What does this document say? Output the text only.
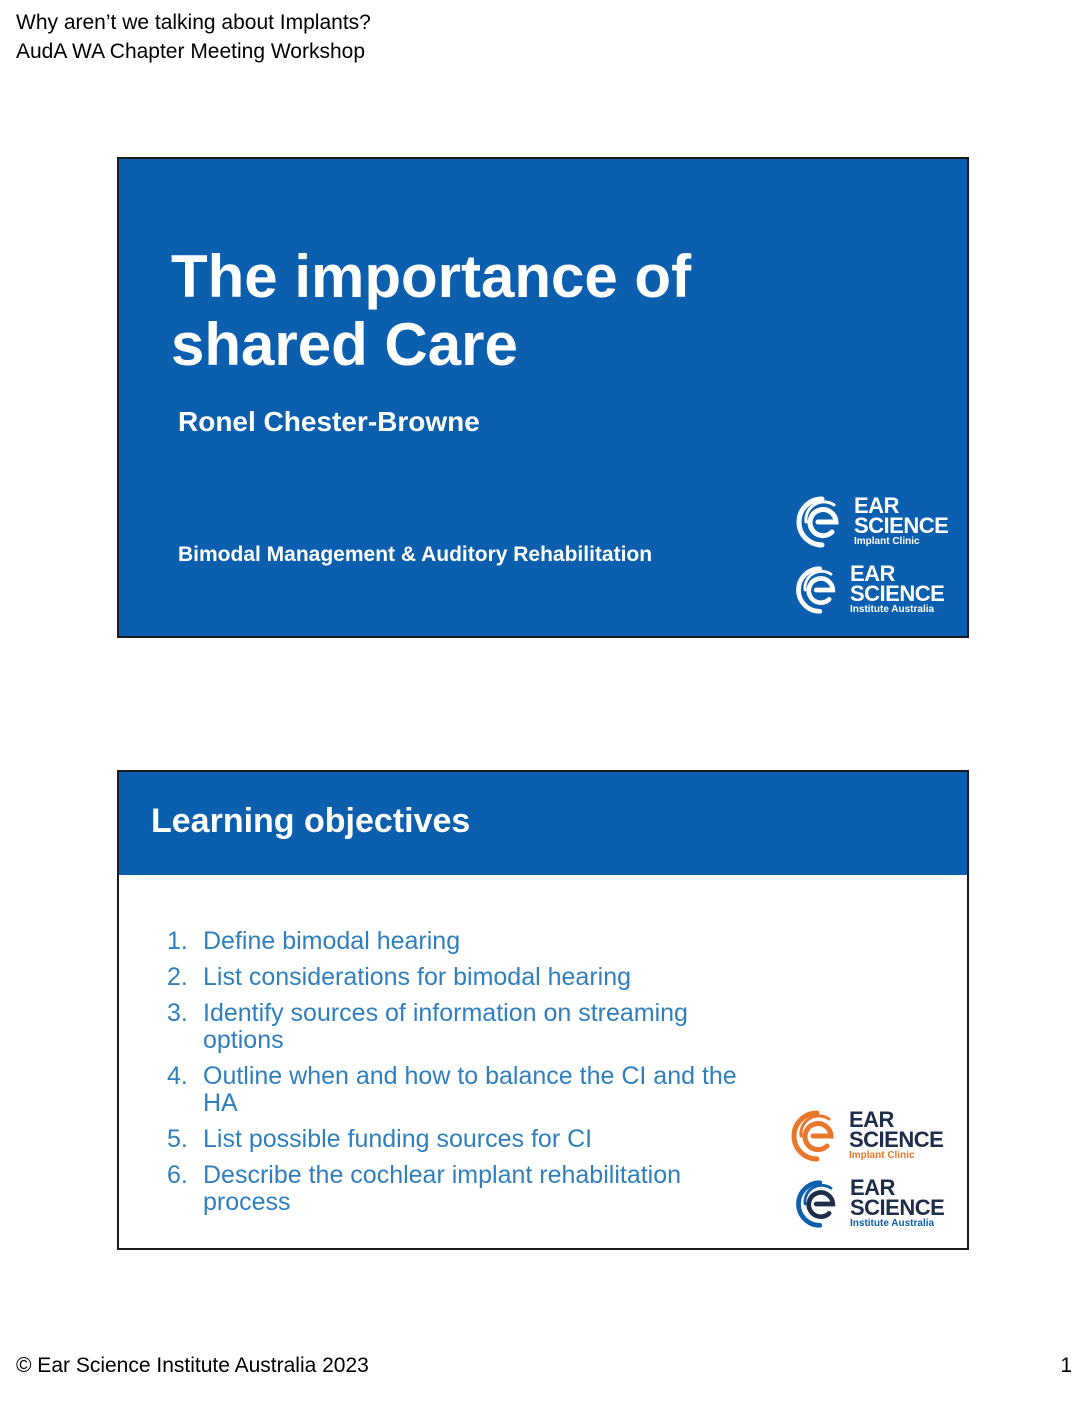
Why aren’t we talking about Implants?
AudA WA Chapter Meeting Workshop
The importance of
shared Care
Ronel Chester-Browne
Bimodal Management & Auditory Rehabilitation
EAR
SCIENCE
Implant Clinic
EAR
SCIENCE
Institute Australia
Learning objectives
1. Define bimodal hearing
2. List considerations for bimodal hearing
3. Identify sources of information on streaming options
4. Outline when and how to balance the CI and the HA
5. List possible funding sources for CI
6. Describe the cochlear implant rehabilitation process
EAR
SCIENCE
Implant Clinic
EAR
SCIENCE
Institute Australia
© Ear Science Institute Australia 2023	1
